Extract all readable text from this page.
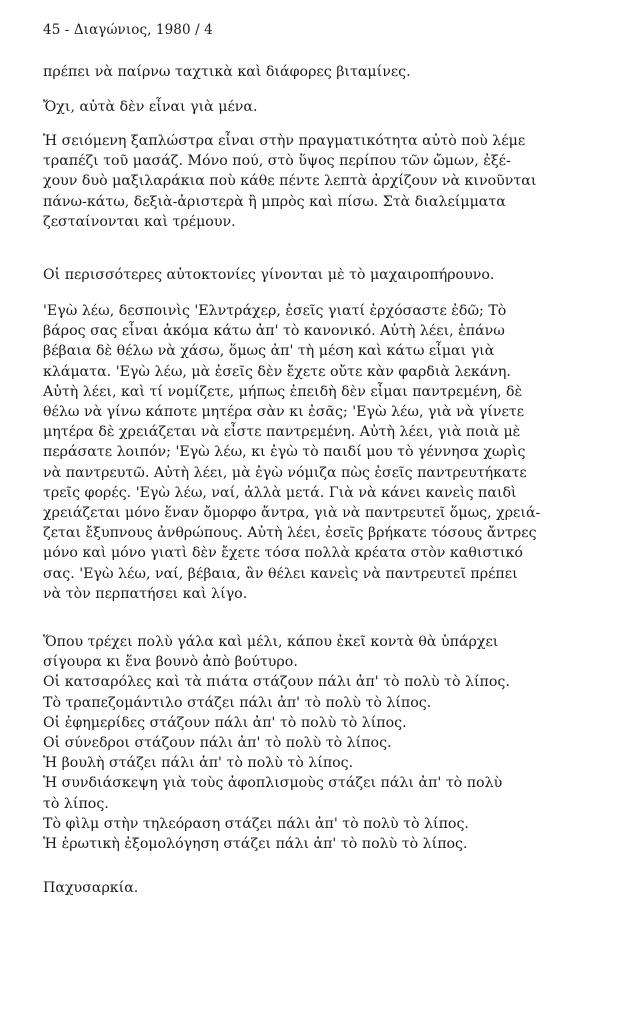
45 - Διαγώνιος, 1980 / 4
πρέπει νὰ παίρνω ταχτικὰ καὶ διάφορες βιταμίνες.
Ὄχι, αὐτὰ δὲν εἶναι γιὰ μένα.
Ἡ σειόμενη ξαπλώστρα εἶναι στὴν πραγματικότητα αὐτὸ ποὺ λέμε
τραπέζι τοῦ μασάζ. Μόνο πού, στὸ ὕψος περίπου τῶν ὤμων, ἐξέ-
χουν δυὸ μαξιλαράκια ποὺ κάθε πέντε λεπτὰ ἀρχίζουν νὰ κινοῦνται
πάνω-κάτω, δεξιὰ-ἀριστερὰ ἢ μπρὸς καὶ πίσω. Στὰ διαλείμματα
ζεσταίνονται καὶ τρέμουν.
Οἱ περισσότερες αὐτοκτονίες γίνονται μὲ τὸ μαχαιροπήρουνο.
'Εγὼ λέω, δεσποινὶς 'Ελντράχερ, ἐσεῖς γιατί ἐρχόσαστε ἐδῶ; Τὸ
βάρος σας εἶναι ἀκόμα κάτω ἀπ' τὸ κανονικό. Αὐτὴ λέει, ἐπάνω
βέβαια δὲ θέλω νὰ χάσω, ὅμως ἀπ' τὴ μέση καὶ κάτω εἶμαι γιὰ
κλάματα. 'Εγὼ λέω, μὰ ἐσεῖς δὲν ἔχετε οὔτε κὰν φαρδιὰ λεκάνη.
Αὐτὴ λέει, καὶ τί νομίζετε, μήπως ἐπειδὴ δὲν εἶμαι παντρεμένη, δὲ
θέλω νὰ γίνω κάποτε μητέρα σὰν κι ἐσᾶς; 'Εγὼ λέω, γιὰ νὰ γίνετε
μητέρα δὲ χρειάζεται νὰ εἶστε παντρεμένη. Αὐτὴ λέει, γιὰ ποιὰ μὲ
περάσατε λοιπόν; 'Εγὼ λέω, κι ἐγὼ τὸ παιδί μου τὸ γέννησα χωρὶς
νὰ παντρευτῶ. Αὐτὴ λέει, μὰ ἐγὼ νόμιζα πὼς ἐσεῖς παντρευτήκατε
τρεῖς φορές. 'Εγὼ λέω, ναί, ἀλλὰ μετά. Γιὰ νὰ κάνει κανεὶς παιδὶ
χρειάζεται μόνο ἕναν ὄμορφο ἄντρα, γιὰ νὰ παντρευτεῖ ὅμως, χρειά-
ζεται ἔξυπνους ἀνθρώπους. Αὐτὴ λέει, ἐσεῖς βρήκατε τόσους ἄντρες
μόνο καὶ μόνο γιατὶ δὲν ἔχετε τόσα πολλὰ κρέατα στὸν καθιστικό
σας. 'Εγὼ λέω, ναί, βέβαια, ἂν θέλει κανεὶς νὰ παντρευτεῖ πρέπει
νὰ τὸν περπατήσει καὶ λίγο.
Ὅπου τρέχει πολὺ γάλα καὶ μέλι, κάπου ἐκεῖ κοντὰ θὰ ὑπάρχει
σίγουρα κι ἕνα βουνὸ ἀπὸ βούτυρο.
Οἱ κατσαρόλες καὶ τὰ πιάτα στάζουν πάλι ἀπ' τὸ πολὺ τὸ λίπος.
Τὸ τραπεζομάντιλο στάζει πάλι ἀπ' τὸ πολὺ τὸ λίπος.
Οἱ ἐφημερίδες στάζουν πάλι ἀπ' τὸ πολὺ τὸ λίπος.
Οἱ σύνεδροι στάζουν πάλι ἀπ' τὸ πολὺ τὸ λίπος.
Ἡ βουλὴ στάζει πάλι ἀπ' τὸ πολὺ τὸ λίπος.
Ἡ συνδιάσκεψη γιὰ τοὺς ἀφοπλισμοὺς στάζει πάλι ἀπ' τὸ πολὺ
τὸ λίπος.
Τὸ φὶλμ στὴν τηλεόραση στάζει πάλι ἀπ' τὸ πολὺ τὸ λίπος.
Ἡ ἐρωτικὴ ἐξομολόγηση στάζει πάλι ἀπ' τὸ πολὺ τὸ λίπος.
Παχυσαρκία.
